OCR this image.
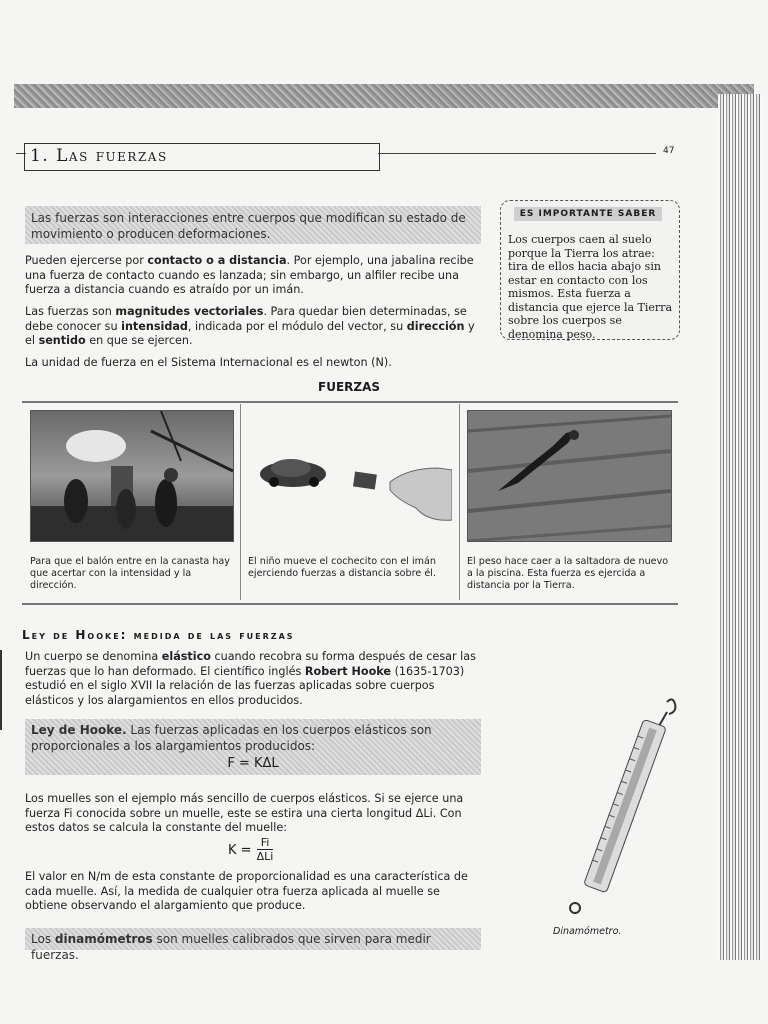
1. Las fuerzas	47
Las fuerzas son interacciones entre cuerpos que modifican su estado de movimiento o producen deformaciones.
Pueden ejercerse por contacto o a distancia. Por ejemplo, una jabalina recibe una fuerza de contacto cuando es lanzada; sin embargo, un alfiler recibe una fuerza a distancia cuando es atraído por un imán.
Las fuerzas son magnitudes vectoriales. Para quedar bien determinadas, se debe conocer su intensidad, indicada por el módulo del vector, su dirección y el sentido en que se ejercen.
La unidad de fuerza en el Sistema Internacional es el newton (N).
ES IMPORTANTE SABER
Los cuerpos caen al suelo porque la Tierra los atrae: tira de ellos hacia abajo sin estar en contacto con los mismos. Esta fuerza a distancia que ejerce la Tierra sobre los cuerpos se denomina peso.
FUERZAS
Para que el balón entre en la canasta hay que acertar con la intensidad y la dirección.
El niño mueve el cochecito con el imán ejerciendo fuerzas a distancia sobre él.
El peso hace caer a la saltadora de nuevo a la piscina. Esta fuerza es ejercida a distancia por la Tierra.
Ley de Hooke: medida de las fuerzas
Un cuerpo se denomina elástico cuando recobra su forma después de cesar las fuerzas que lo han deformado. El científico inglés Robert Hooke (1635-1703) estudió en el siglo XVII la relación de las fuerzas aplicadas sobre cuerpos elásticos y los alargamientos en ellos producidos.
Ley de Hooke. Las fuerzas aplicadas en los cuerpos elásticos son proporcionales a los alargamientos producidos:
F = KΔL
Los muelles son el ejemplo más sencillo de cuerpos elásticos. Si se ejerce una fuerza Fi conocida sobre un muelle, este se estira una cierta longitud ΔLi. Con estos datos se calcula la constante del muelle:
$K = \frac{Fi}{\text{ΔLi}}$
El valor en N/m de esta constante de proporcionalidad es una característica de cada muelle. Así, la medida de cualquier otra fuerza aplicada al muelle se obtiene observando el alargamiento que produce.
Los dinamómetros son muelles calibrados que sirven para medir fuerzas.
Dinamómetro.
